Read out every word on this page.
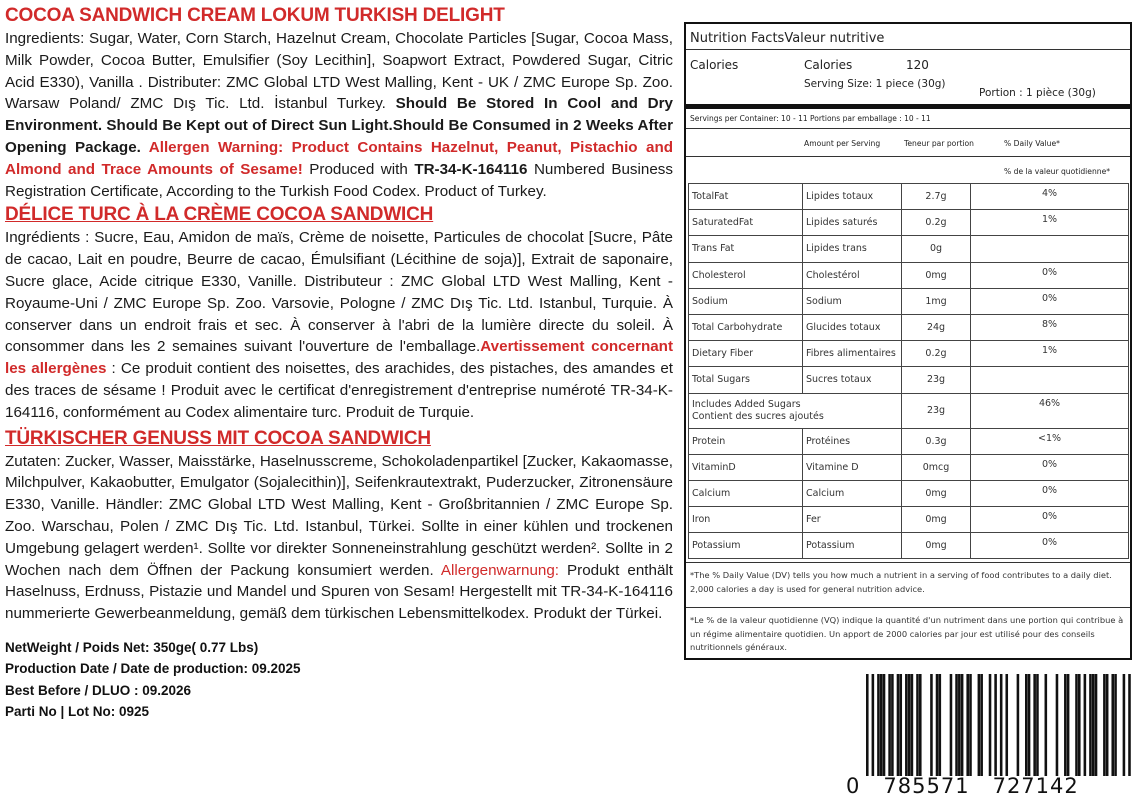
COCOA SANDWICH CREAM LOKUM TURKISH DELIGHT

Ingredients: Sugar, Water, Corn Starch, Hazelnut Cream, Chocolate Particles [Sugar, Cocoa Mass, Milk Powder, Cocoa Butter, Emulsifier (Soy Lecithin], Soapwort Extract, Powdered Sugar, Citric Acid E330), Vanilla . Distributer: ZMC Global LTD West Malling, Kent - UK / ZMC Europe Sp. Zoo. Warsaw Poland/ ZMC Dış Tic. Ltd. İstanbul Turkey. Should Be Stored In Cool and Dry Environment. Should Be Kept out of Direct Sun Light.Should Be Consumed in 2 Weeks After Opening Package. Allergen Warning: Product Contains Hazelnut, Peanut, Pistachio and Almond and Trace Amounts of Sesame! Produced with TR-34-K-164116 Numbered Business Registration Certificate, According to the Turkish Food Codex. Product of Turkey.

DÉLICE TURC À LA CRÈME COCOA SANDWICH

Ingrédients : Sucre, Eau, Amidon de maïs, Crème de noisette, Particules de chocolat [Sucre, Pâte de cacao, Lait en poudre, Beurre de cacao, Émulsifiant (Lécithine de soja)], Extrait de saponaire, Sucre glace, Acide citrique E330, Vanille. Distributeur : ZMC Global LTD West Malling, Kent - Royaume-Uni / ZMC Europe Sp. Zoo. Varsovie, Pologne / ZMC Dış Tic. Ltd. Istanbul, Turquie. À conserver dans un endroit frais et sec. À conserver à l'abri de la lumière directe du soleil. À consommer dans les 2 semaines suivant l'ouverture de l'emballage.Avertissement concernant les allergènes : Ce produit contient des noisettes, des arachides, des pistaches, des amandes et des traces de sésame ! Produit avec le certificat d'enregistrement d'entreprise numéroté TR-34-K-164116, conformément au Codex alimentaire turc. Produit de Turquie.

TÜRKISCHER GENUSS MIT COCOA SANDWICH

Zutaten: Zucker, Wasser, Maisstärke, Haselnusscreme, Schokoladenpartikel [Zucker, Kakaomasse, Milchpulver, Kakaobutter, Emulgator (Sojalecithin)], Seifenkrautextrakt, Puderzucker, Zitronensäure E330, Vanille. Händler: ZMC Global LTD West Malling, Kent - Großbritannien / ZMC Europe Sp. Zoo. Warschau, Polen / ZMC Dış Tic. Ltd. Istanbul, Türkei. Sollte in einer kühlen und trockenen Umgebung gelagert werden¹. Sollte vor direkter Sonneneinstrahlung geschützt werden². Sollte in 2 Wochen nach dem Öffnen der Packung konsumiert werden. Allergenwarnung: Produkt enthält Haselnuss, Erdnuss, Pistazie und Mandel und Spuren von Sesam! Hergestellt mit TR-34-K-164116 nummerierte Gewerbeanmeldung, gemäß dem türkischen Lebensmittelkodex. Produkt der Türkei.

NetWeight / Poids Net: 350ge( 0.77 Lbs)
Production Date / Date de production: 09.2025
Best Before / DLUO : 09.2026
Parti No | Lot No: 0925
Nutrition FactsValeur nutritive
Calories	Calories	120
Serving Size: 1 piece (30g)
Portion : 1 pièce (30g)
Servings per Container: 10 - 11 Portions par emballage : 10 - 11
Amount per Serving	Teneur par portion	% Daily Value*
% de la valeur quotidienne*
TotalFat	Lipides totaux	2.7g	4%
SaturatedFat	Lipides saturés	0.2g	1%
Trans Fat	Lipides trans	0g	
Cholesterol	Cholestérol	0mg	0%
Sodium	Sodium	1mg	0%
Total Carbohydrate	Glucides totaux	24g	8%
Dietary Fiber	Fibres alimentaires	0.2g	1%
Total Sugars	Sucres totaux	23g	
Includes Added Sugars
Contient des sucres ajoutés		23g	46%
Protein	Protéines	0.3g	<1%
VitaminD	Vitamine D	0mcg	0%
Calcium	Calcium	0mg	0%
Iron	Fer	0mg	0%
Potassium	Potassium	0mg	0%
*The % Daily Value (DV) tells you how much a nutrient in a serving of food contributes to a daily diet. 2,000 calories a day is used for general nutrition advice.
*Le % de la valeur quotidienne (VQ) indique la quantité d'un nutriment dans une portion qui contribue à un régime alimentaire quotidien. Un apport de 2000 calories par jour est utilisé pour des conseils nutritionnels généraux.
0   785571   727142
